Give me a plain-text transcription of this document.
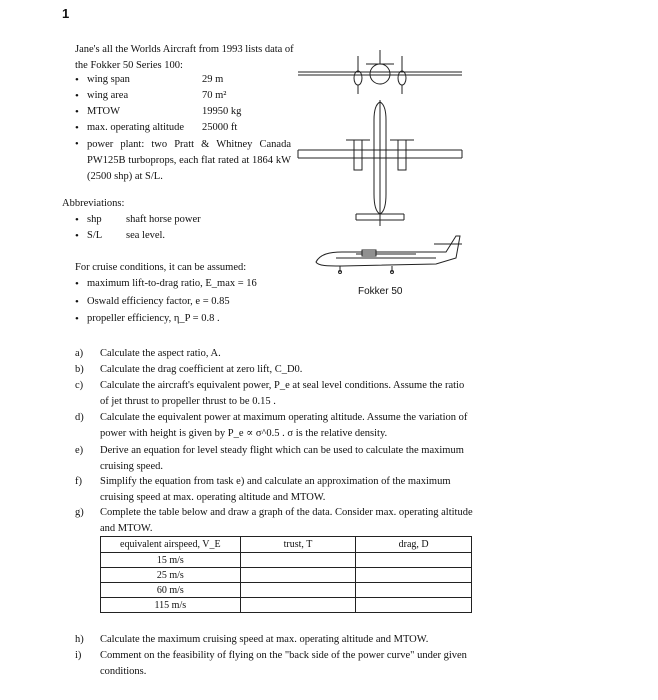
1
Jane's all the Worlds Aircraft from 1993 lists data of the Fokker 50 Series 100:
wing span	29 m
wing area	70 m²
MTOW	19950 kg
max. operating altitude 25000 ft
• power plant: two Pratt & Whitney Canada PW125B turboprops, each flat rated at 1864 kW (2500 shp) at S/L.
Fokker 50
Abbreviations:
shp shaft horse power
S/L sea level.
For cruise conditions, it can be assumed:
maximum lift-to-drag ratio, E_max = 16
Oswald efficiency factor, e = 0.85
propeller efficiency, η_P = 0.8 .
a) Calculate the aspect ratio, A.
b) Calculate the drag coefficient at zero lift, C_D0.
c) Calculate the aircraft's equivalent power, P_e at seal level conditions. Assume the ratio of jet thrust to propeller thrust to be 0.15 .
d) Calculate the equivalent power at maximum operating altitude. Assume the variation of power with height is given by P_e ∝ σ^0.5 . σ is the relative density.
e) Derive an equation for level steady flight which can be used to calculate the maximum cruising speed.
f) Simplify the equation from task e) and calculate an approximation of the maximum cruising speed at max. operating altitude and MTOW.
g) Complete the table below and draw a graph of the data. Consider max. operating altitude and MTOW.
equivalent airspeed, V_E	trust, T	drag, D
15 m/s		
25 m/s		
60 m/s		
115 m/s		
h) Calculate the maximum cruising speed at max. operating altitude and MTOW.
i) Comment on the feasibility of flying on the "back side of the power curve" under given conditions.
